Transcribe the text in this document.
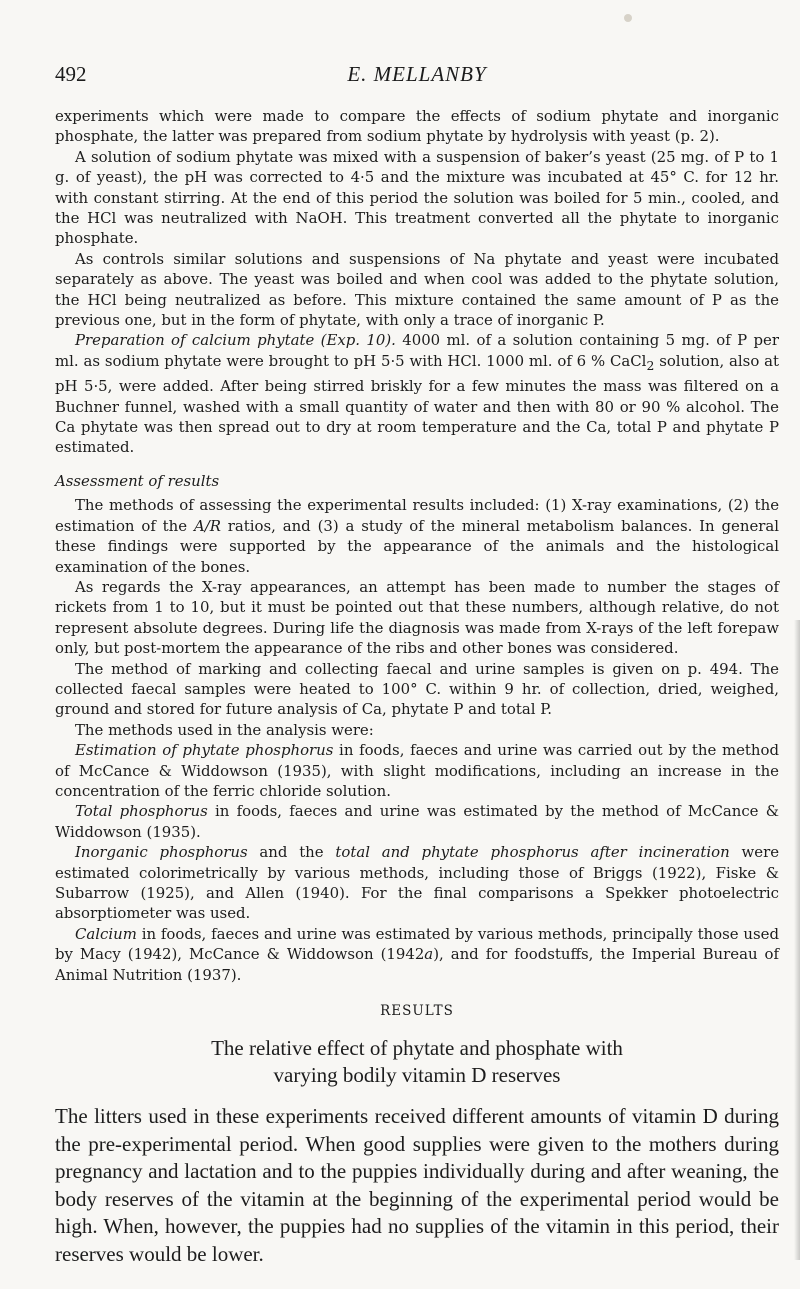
492	E. MELLANBY

experiments which were made to compare the effects of sodium phytate and inorganic phosphate, the latter was prepared from sodium phytate by hydrolysis with yeast (p. 2).

A solution of sodium phytate was mixed with a suspension of baker’s yeast (25 mg. of P to 1 g. of yeast), the pH was corrected to 4·5 and the mixture was incubated at 45° C. for 12 hr. with constant stirring. At the end of this period the solution was boiled for 5 min., cooled, and the HCl was neutralized with NaOH. This treatment converted all the phytate to inorganic phosphate.

As controls similar solutions and suspensions of Na phytate and yeast were incubated separately as above. The yeast was boiled and when cool was added to the phytate solution, the HCl being neutralized as before. This mixture contained the same amount of P as the previous one, but in the form of phytate, with only a trace of inorganic P.

Preparation of calcium phytate (Exp. 10). 4000 ml. of a solution containing 5 mg. of P per ml. as sodium phytate were brought to pH 5·5 with HCl. 1000 ml. of 6 % CaCl$_2$ solution, also at pH 5·5, were added. After being stirred briskly for a few minutes the mass was filtered on a Buchner funnel, washed with a small quantity of water and then with 80 or 90 % alcohol. The Ca phytate was then spread out to dry at room temperature and the Ca, total P and phytate P estimated.

Assessment of results

The methods of assessing the experimental results included: (1) X-ray examinations, (2) the estimation of the A/R ratios, and (3) a study of the mineral metabolism balances. In general these findings were supported by the appearance of the animals and the histological examination of the bones.

As regards the X-ray appearances, an attempt has been made to number the stages of rickets from 1 to 10, but it must be pointed out that these numbers, although relative, do not represent absolute degrees. During life the diagnosis was made from X-rays of the left forepaw only, but post-mortem the appearance of the ribs and other bones was considered.

The method of marking and collecting faecal and urine samples is given on p. 494. The collected faecal samples were heated to 100° C. within 9 hr. of collection, dried, weighed, ground and stored for future analysis of Ca, phytate P and total P.

The methods used in the analysis were:

Estimation of phytate phosphorus in foods, faeces and urine was carried out by the method of McCance & Widdowson (1935), with slight modifications, including an increase in the concentration of the ferric chloride solution.

Total phosphorus in foods, faeces and urine was estimated by the method of McCance & Widdowson (1935).

Inorganic phosphorus and the total and phytate phosphorus after incineration were estimated colorimetrically by various methods, including those of Briggs (1922), Fiske & Subarrow (1925), and Allen (1940). For the final comparisons a Spekker photoelectric absorptiometer was used.

Calcium in foods, faeces and urine was estimated by various methods, principally those used by Macy (1942), McCance & Widdowson (1942a), and for foodstuffs, the Imperial Bureau of Animal Nutrition (1937).

RESULTS
The relative effect of phytate and phosphate with
varying bodily vitamin D reserves

The litters used in these experiments received different amounts of vitamin D during the pre-experimental period. When good supplies were given to the mothers during pregnancy and lactation and to the puppies individually during and after weaning, the body reserves of the vitamin at the beginning of the experimental period would be high. When, however, the puppies had no supplies of the vitamin in this period, their reserves would be lower.
